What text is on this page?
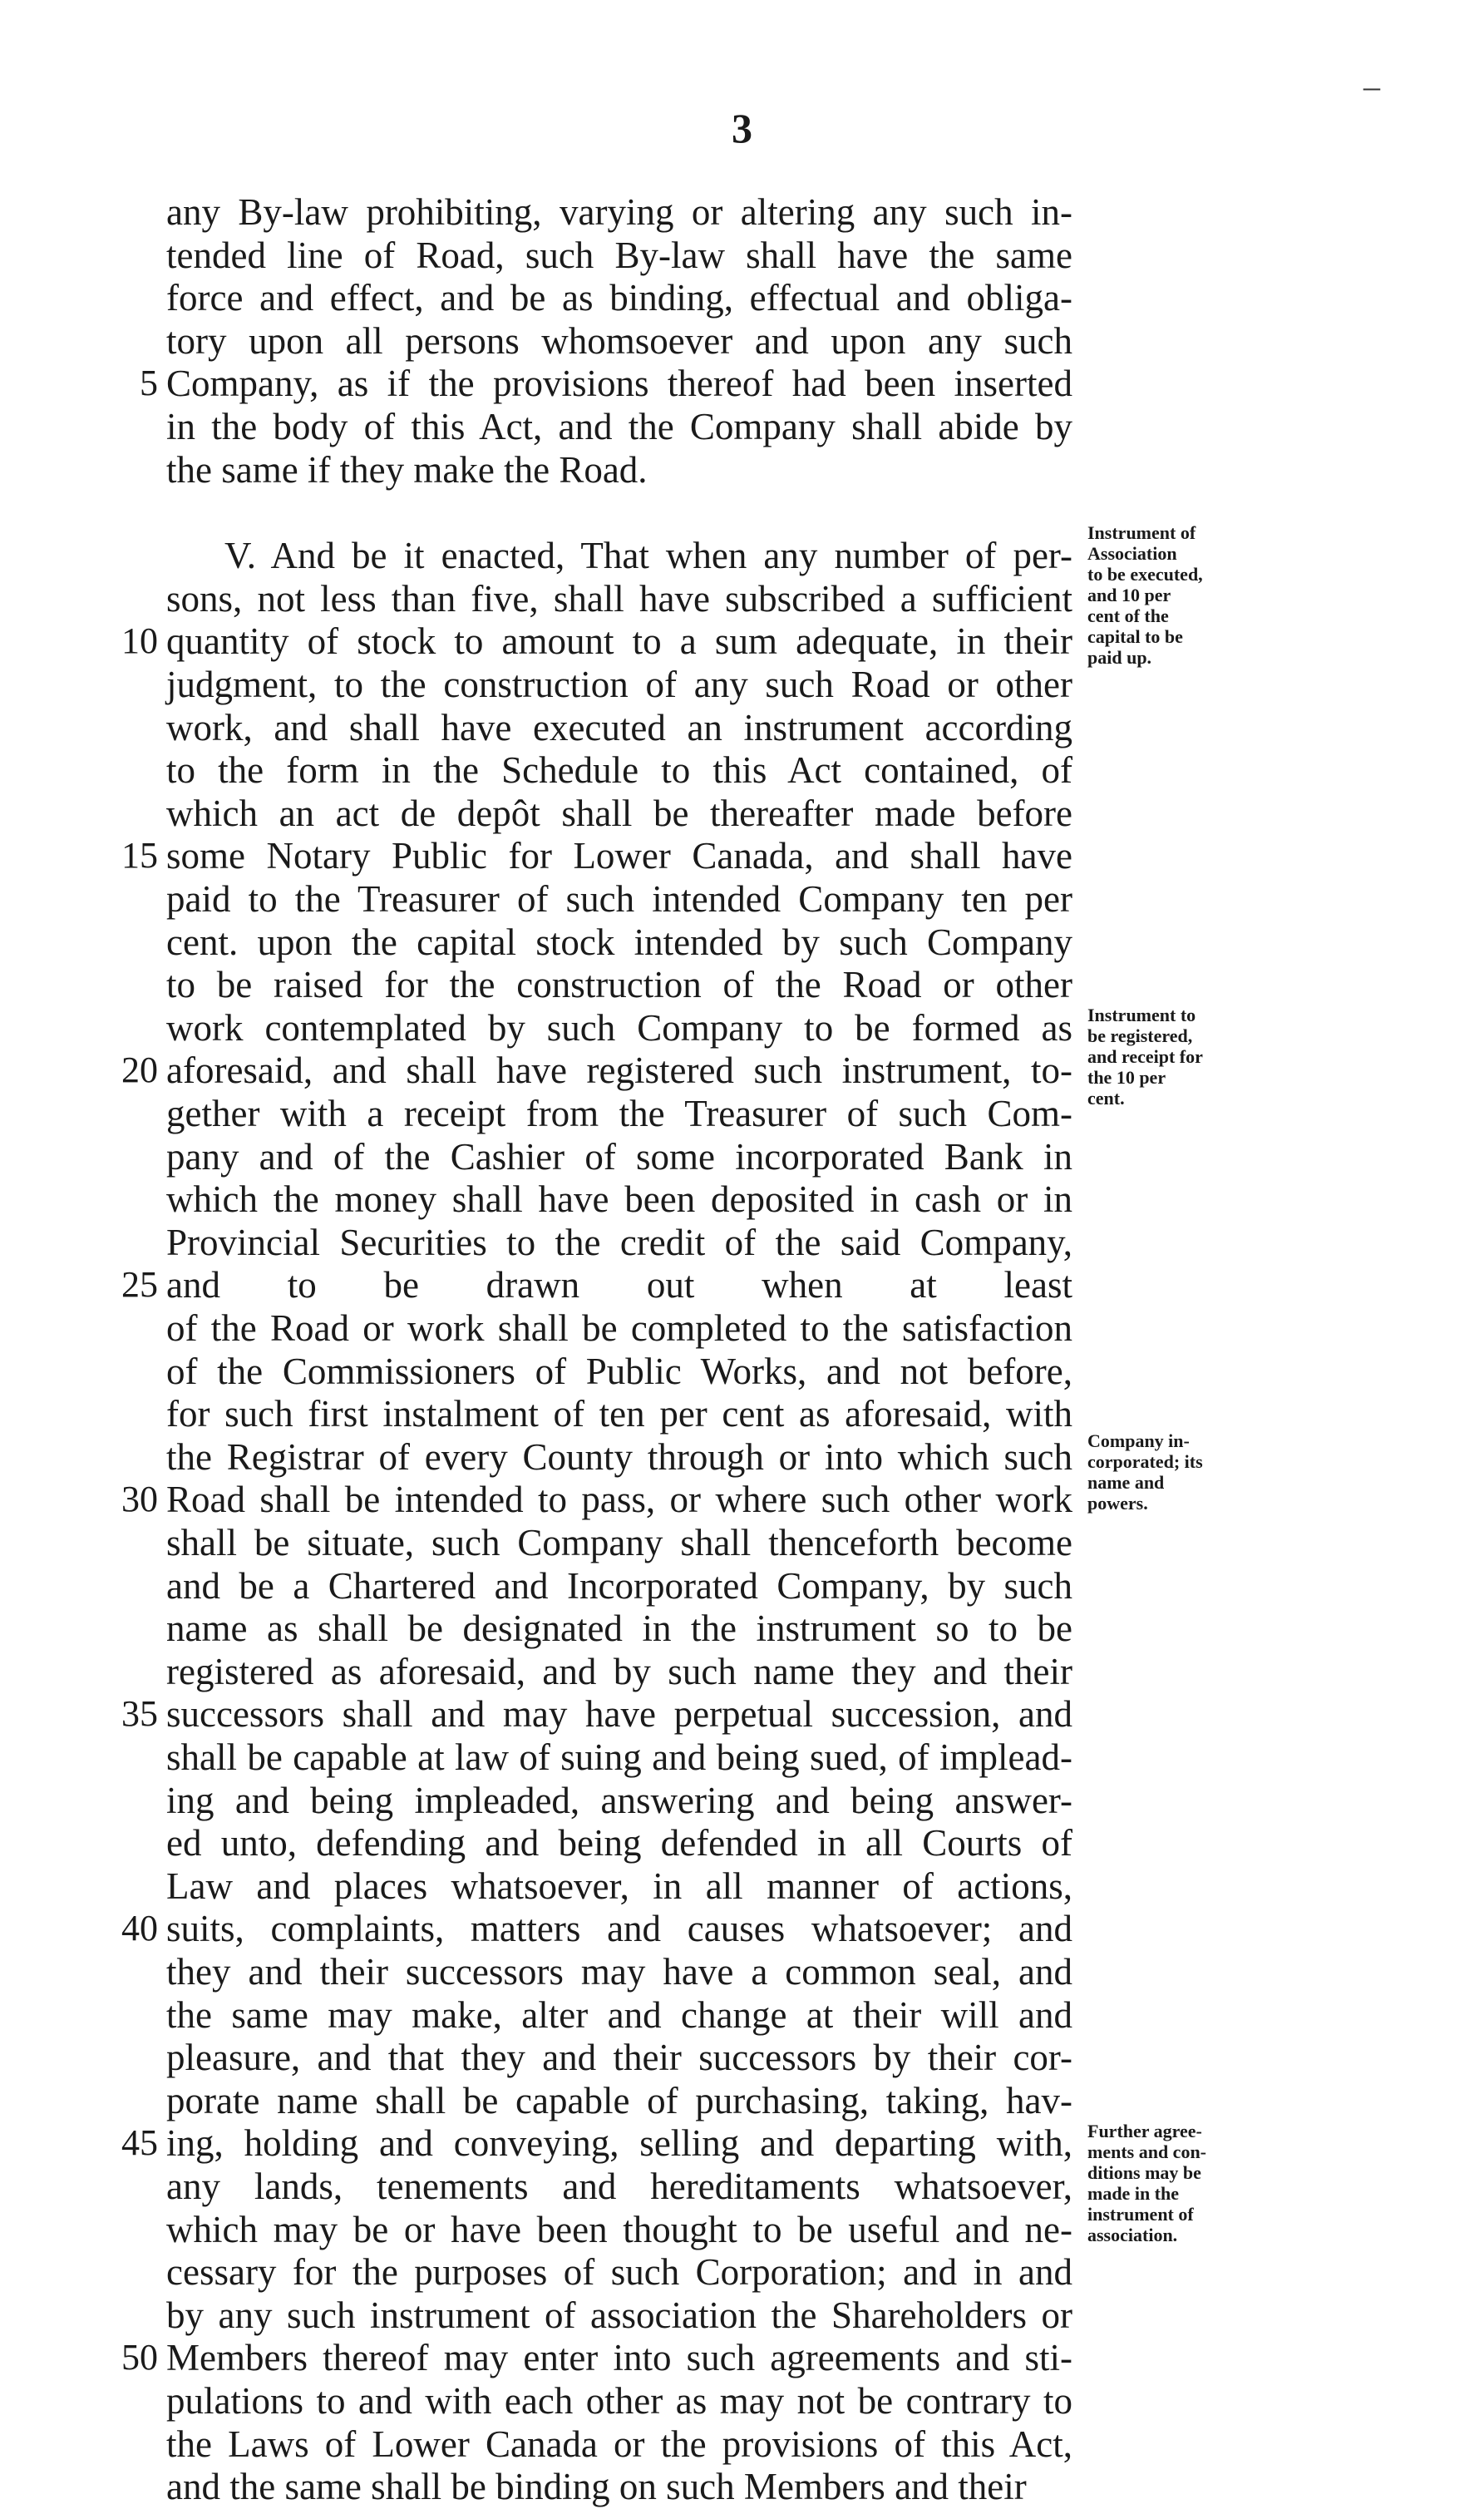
3
any By-law prohibiting, varying or altering any such in-
tended line of Road, such By-law shall have the same
force and effect, and be as binding, effectual and obliga-
tory upon all persons whomsoever and upon any such
Company, as if the provisions thereof had been inserted
5
in the body of this Act, and the Company shall abide by
the same if they make the Road.
V. And be it enacted, That when any number of per-
sons, not less than five, shall have subscribed a sufficient
quantity of stock to amount to a sum adequate, in their
10
judgment, to the construction of any such Road or other
work, and shall have executed an instrument according
to the form in the Schedule to this Act contained, of
which an act de depôt shall be thereafter made before
some Notary Public for Lower Canada, and shall have
15
paid to the Treasurer of such intended Company ten per
cent. upon the capital stock intended by such Company
to be raised for the construction of the Road or other
work contemplated by such Company to be formed as
aforesaid, and shall have registered such instrument, to-
20
gether with a receipt from the Treasurer of such Com-
pany and of the Cashier of some incorporated Bank in
which the money shall have been deposited in cash or in
Provincial Securities to the credit of the said Company,
and to be drawn out when at least
25
of the Road or work shall be completed to the satisfaction
of the Commissioners of Public Works, and not before,
for such first instalment of ten per cent as aforesaid, with
the Registrar of every County through or into which such
Road shall be intended to pass, or where such other work
30
shall be situate, such Company shall thenceforth become
and be a Chartered and Incorporated Company, by such
name as shall be designated in the instrument so to be
registered as aforesaid, and by such name they and their
successors shall and may have perpetual succession, and
35
shall be capable at law of suing and being sued, of implead-
ing and being impleaded, answering and being answer-
ed unto, defending and being defended in all Courts of
Law and places whatsoever, in all manner of actions,
suits, complaints, matters and causes whatsoever; and
40
they and their successors may have a common seal, and
the same may make, alter and change at their will and
pleasure, and that they and their successors by their cor-
porate name shall be capable of purchasing, taking, hav-
ing, holding and conveying, selling and departing with,
45
any lands, tenements and hereditaments whatsoever,
which may be or have been thought to be useful and ne-
cessary for the purposes of such Corporation; and in and
by any such instrument of association the Shareholders or
Members thereof may enter into such agreements and sti-
50
pulations to and with each other as may not be contrary to
the Laws of Lower Canada or the provisions of this Act,
and the same shall be binding on such Members and their
Instrument of
Association
to be executed,
and 10 per
cent of the
capital to be
paid up.
Instrument to
be registered,
and receipt for
the 10 per
cent.
Company in-
corporated; its
name and
powers.
Further agree-
ments and con-
ditions may be
made in the
instrument of
association.
–
